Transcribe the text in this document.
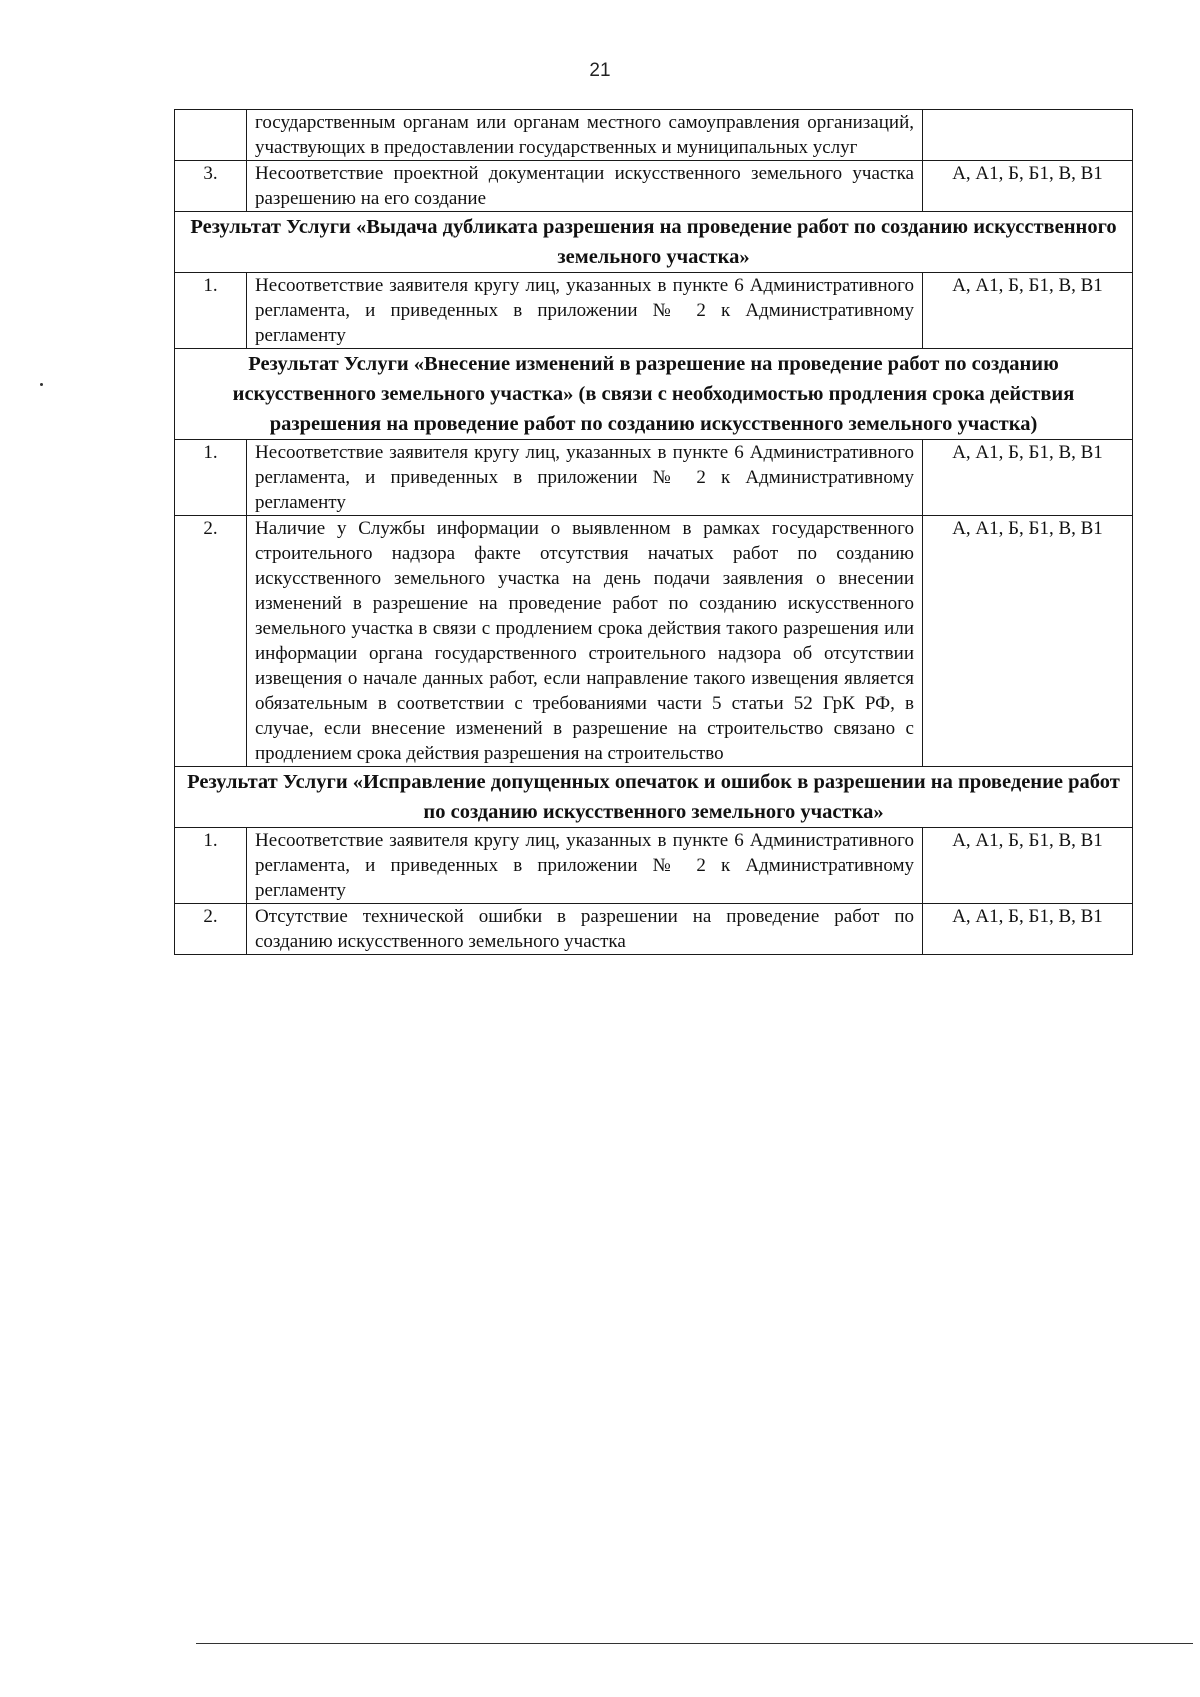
21
	государственным органам или органам местного самоуправления организаций, участвующих в предоставлении государственных и муниципальных услуг	
3.	Несоответствие проектной документации искусственного земельного участка разрешению на его создание	А, А1, Б, Б1, В, В1
Результат Услуги «Выдача дубликата разрешения на проведение работ по созданию искусственного земельного участка»		
1.	Несоответствие заявителя кругу лиц, указанных в пункте 6 Административного регламента, и приведенных в приложении № 2 к Административному регламенту	А, А1, Б, Б1, В, В1
Результат Услуги «Внесение изменений в разрешение на проведение работ по созданию искусственного земельного участка» (в связи с необходимостью продления срока действия разрешения на проведение работ по созданию искусственного земельного участка)		
1.	Несоответствие заявителя кругу лиц, указанных в пункте 6 Административного регламента, и приведенных в приложении № 2 к Административному регламенту	А, А1, Б, Б1, В, В1
2.	Наличие у Службы информации о выявленном в рамках государственного строительного надзора факте отсутствия начатых работ по созданию искусственного земельного участка на день подачи заявления о внесении изменений в разрешение на проведение работ по созданию искусственного земельного участка в связи с продлением срока действия такого разрешения или информации органа государственного строительного надзора об отсутствии извещения о начале данных работ, если направление такого извещения является обязательным в соответствии с требованиями части 5 статьи 52 ГрК РФ, в случае, если внесение изменений в разрешение на строительство связано с продлением срока действия разрешения на строительство	А, А1, Б, Б1, В, В1
Результат Услуги «Исправление допущенных опечаток и ошибок в разрешении на проведение работ по созданию искусственного земельного участка»		
1.	Несоответствие заявителя кругу лиц, указанных в пункте 6 Административного регламента, и приведенных в приложении № 2 к Административному регламенту	А, А1, Б, Б1, В, В1
2.	Отсутствие технической ошибки в разрешении на проведение работ по созданию искусственного земельного участка	А, А1, Б, Б1, В, В1
